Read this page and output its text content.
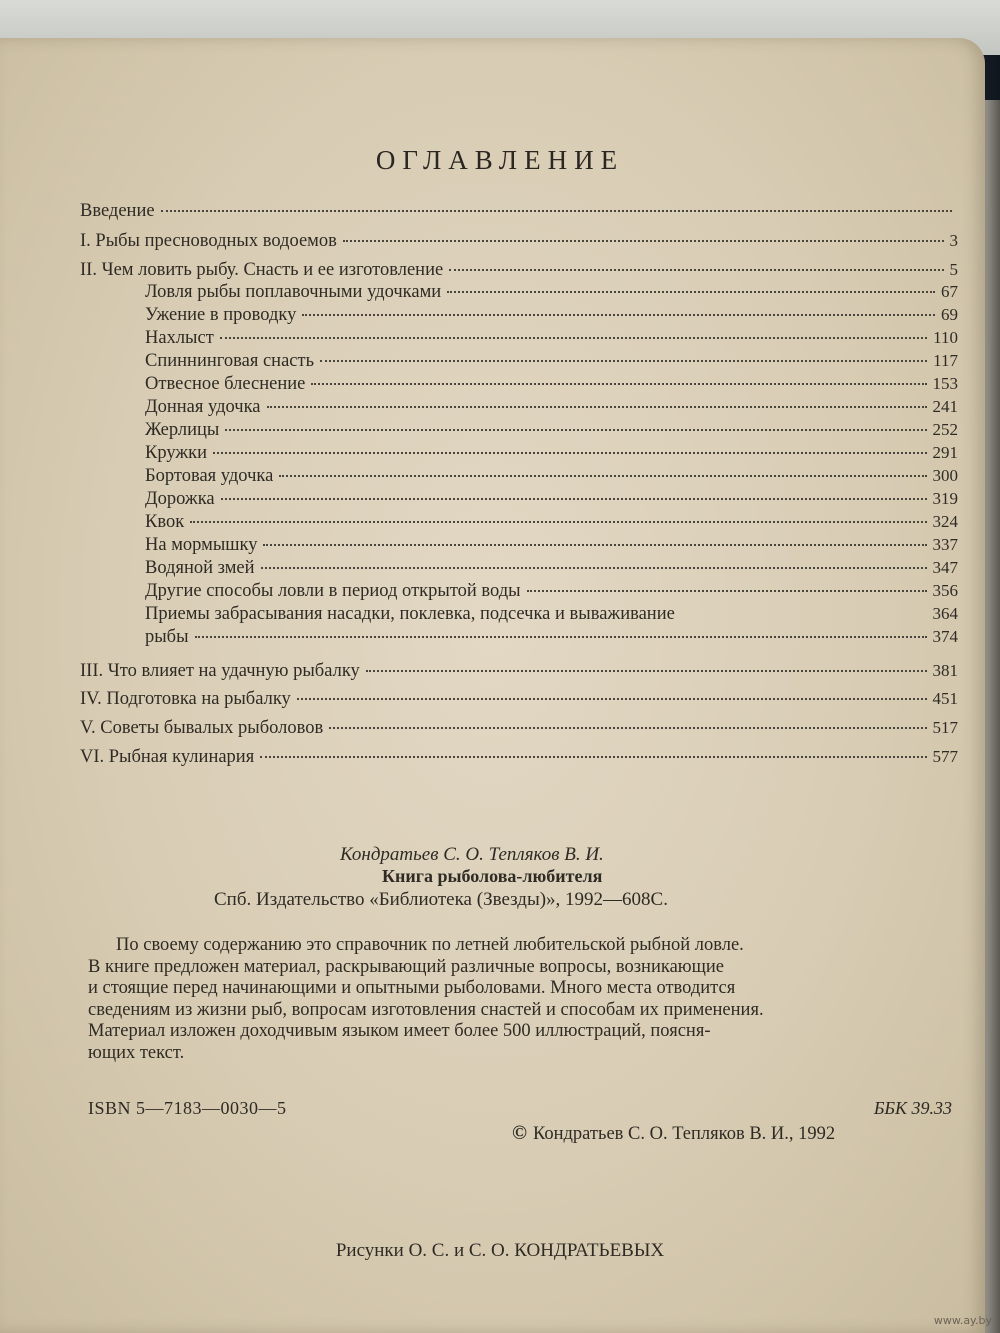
ОГЛАВЛЕНИЕ
Введение
I. Рыбы пресноводных водоемов	3
II. Чем ловить рыбу. Снасть и ее изготовление	5
Ловля рыбы поплавочными удочками	67
Ужение в проводку	69
Нахлыст	110
Спиннинговая снасть	117
Отвесное блеснение	153
Донная удочка	241
Жерлицы	252
Кружки	291
Бортовая удочка	300
Дорожка	319
Квок	324
На мормышку	337
Водяной змей	347
Другие способы ловли в период открытой воды	356
Приемы забрасывания насадки, поклевка, подсечка и вываживание	364
рыбы	374
III. Что влияет на удачную рыбалку	381
IV. Подготовка на рыбалку	451
V. Советы бывалых рыболовов	517
VI. Рыбная кулинария	577
Кондратьев С. О. Тепляков В. И.
Книга рыболова-любителя
Спб. Издательство «Библиотека (Звезды)», 1992—608С.

По своему содержанию это справочник по летней любительской рыбной ловле.
В книге предложен материал, раскрывающий различные вопросы, возникающие
и стоящие перед начинающими и опытными рыболовами. Много места отводится
сведениям из жизни рыб, вопросам изготовления снастей и способам их применения.
Материал изложен доходчивым языком имеет более 500 иллюстраций, поясня-
ющих текст.

ISBN 5—7183—0030—5	ББК 39.33
© Кондратьев С. О. Тепляков В. И., 1992
Рисунки О. С. и С. О. КОНДРАТЬЕВЫХ
www.ay.by
